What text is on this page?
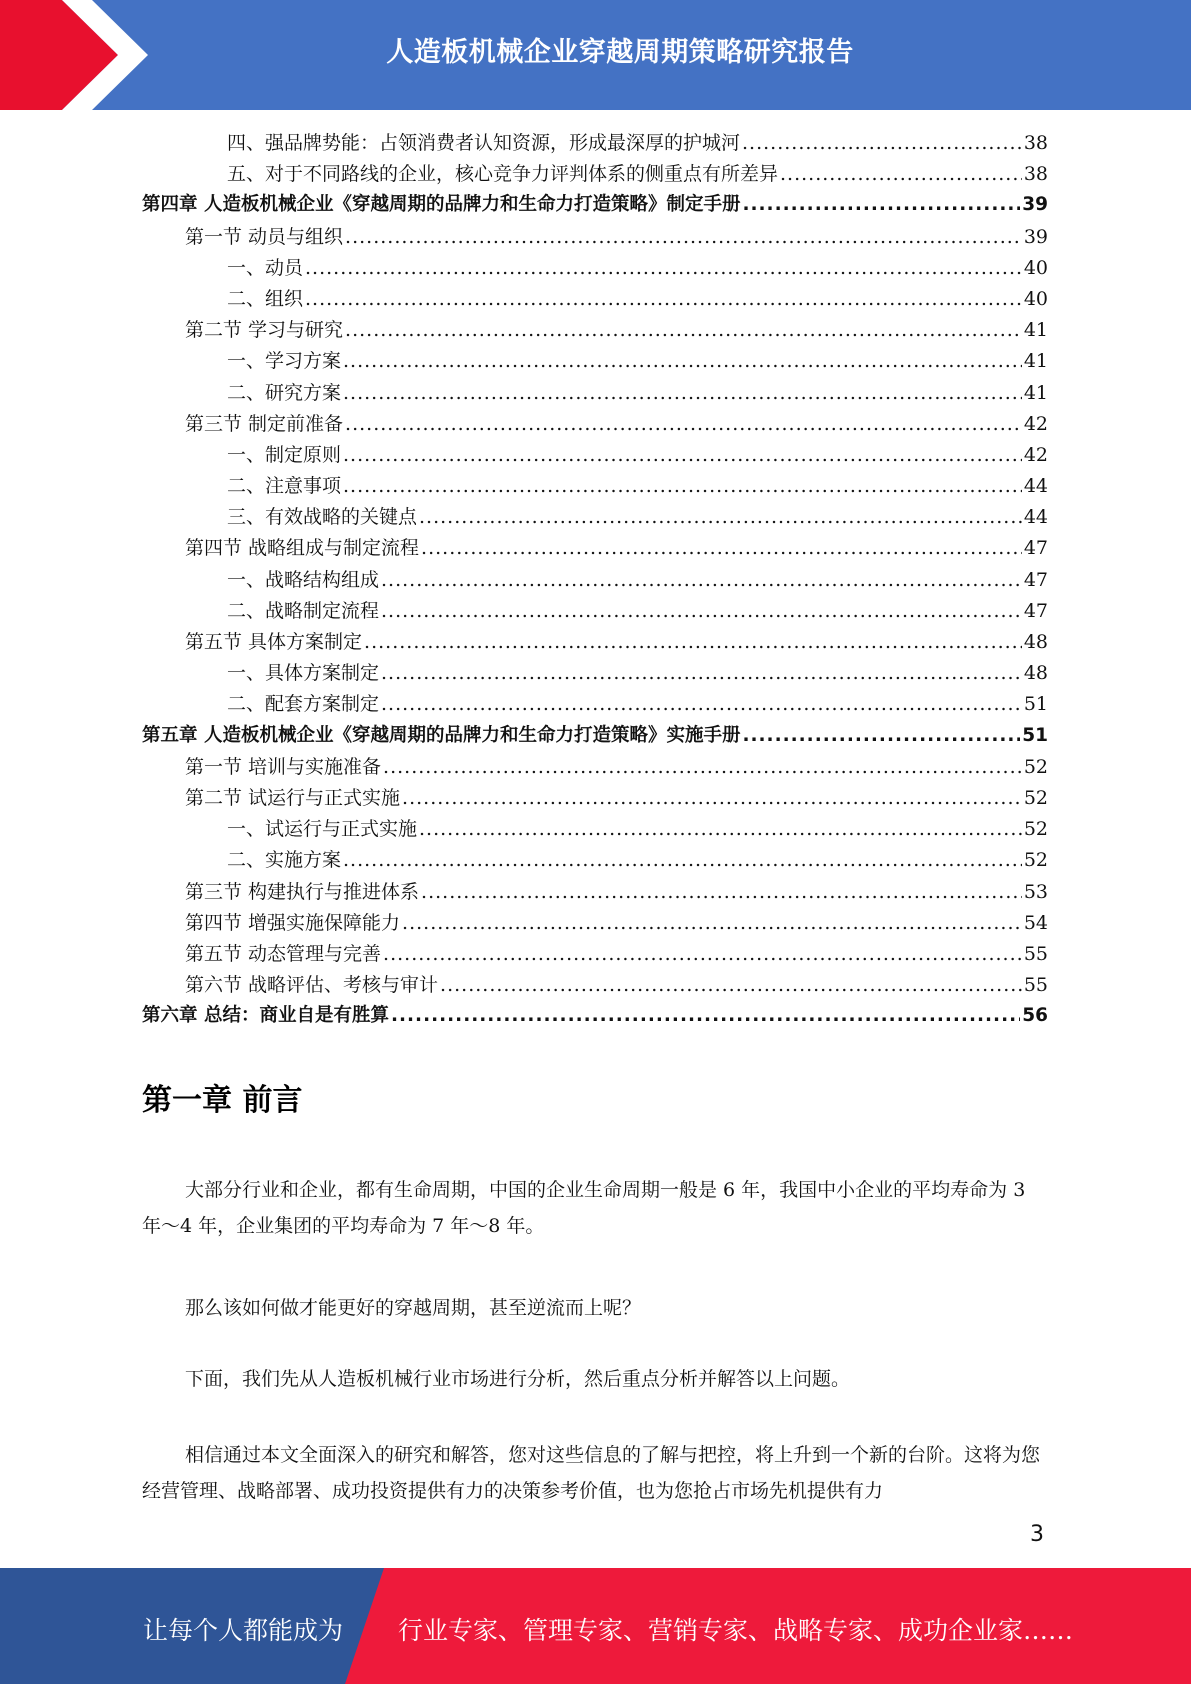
人造板机械企业穿越周期策略研究报告
四、强品牌势能：占领消费者认知资源，形成最深厚的护城河 .....	38
五、对于不同路线的企业，核心竞争力评判体系的侧重点有所差异 .....	38
第四章 人造板机械企业《穿越周期的品牌力和生命力打造策略》制定手册 .....	39
第一节 动员与组织 .....	39
一、动员 .....	40
二、组织 .....	40
第二节 学习与研究 .....	41
一、学习方案 .....	41
二、研究方案 .....	41
第三节 制定前准备 .....	42
一、制定原则 .....	42
二、注意事项 .....	44
三、有效战略的关键点 .....	44
第四节 战略组成与制定流程 .....	47
一、战略结构组成 .....	47
二、战略制定流程 .....	47
第五节 具体方案制定 .....	48
一、具体方案制定 .....	48
二、配套方案制定 .....	51
第五章 人造板机械企业《穿越周期的品牌力和生命力打造策略》实施手册 .....	51
第一节 培训与实施准备 .....	52
第二节 试运行与正式实施 .....	52
一、试运行与正式实施 .....	52
二、实施方案 .....	52
第三节 构建执行与推进体系 .....	53
第四节 增强实施保障能力 .....	54
第五节 动态管理与完善 .....	55
第六节 战略评估、考核与审计 .....	55
第六章 总结：商业自是有胜算 .....	56
第一章 前言
大部分行业和企业，都有生命周期，中国的企业生命周期一般是 6 年，我国中小企业的平均寿命为 3 年～4 年，企业集团的平均寿命为 7 年～8 年。
那么该如何做才能更好的穿越周期，甚至逆流而上呢？
下面，我们先从人造板机械行业市场进行分析，然后重点分析并解答以上问题。
相信通过本文全面深入的研究和解答，您对这些信息的了解与把控，将上升到一个新的台阶。这将为您经营管理、战略部署、成功投资提供有力的决策参考价值，也为您抢占市场先机提供有力
3
让每个人都能成为 行业专家、管理专家、营销专家、战略专家、成功企业家……
